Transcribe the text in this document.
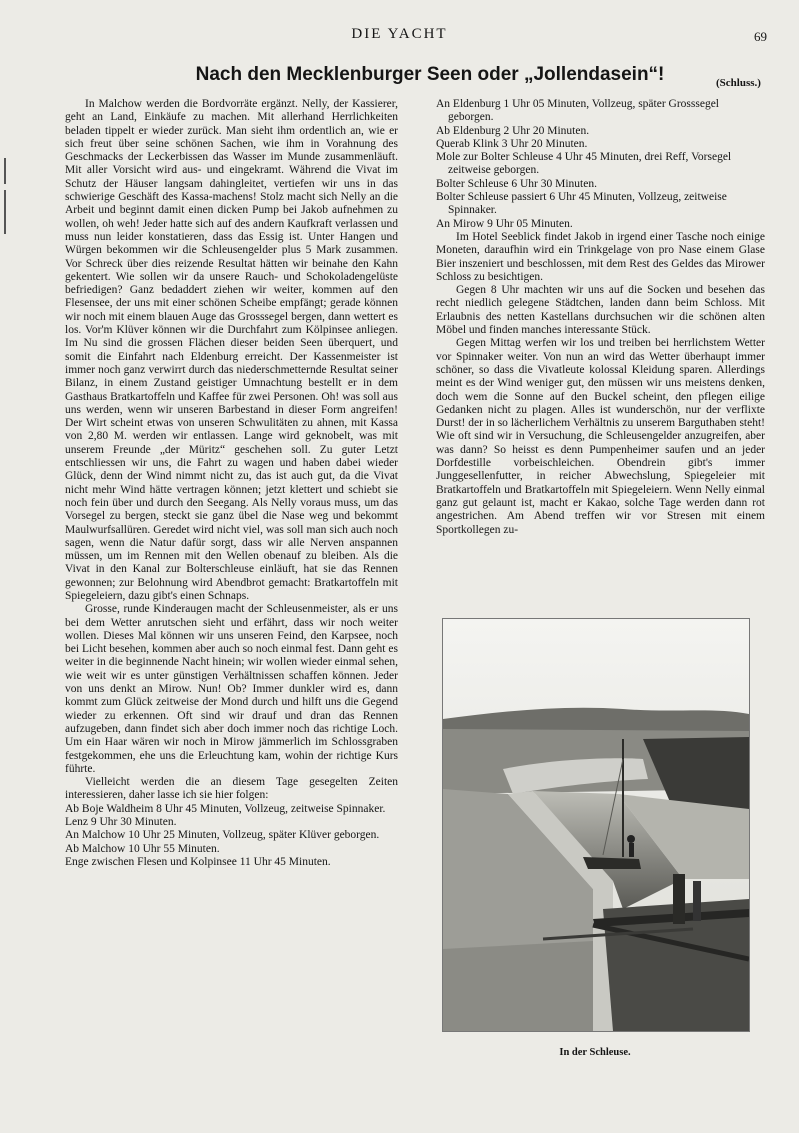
DIE YACHT	69
Nach den Mecklenburger Seen oder „Jollendasein“!	(Schluss.)

In Malchow werden die Bordvorräte ergänzt. Nelly, der Kassierer, geht an Land, Einkäufe zu machen. Mit allerhand Herrlichkeiten beladen tippelt er wieder zurück. Man sieht ihm ordentlich an, wie er sich freut über seine schönen Sachen, wie ihm in Vorahnung des Geschmacks der Leckerbissen das Wasser im Munde zusammenläuft. Mit aller Vorsicht wird aus- und eingekramt. Während die Vivat im Schutz der Häuser langsam dahingleitet, vertiefen wir uns in das schwierige Geschäft des Kassa-machens! Stolz macht sich Nelly an die Arbeit und beginnt damit einen dicken Pump bei Jakob aufnehmen zu wollen, oh weh! Jeder hatte sich auf des andern Kaufkraft verlassen und muss nun leider konstatieren, dass das Essig ist. Unter Hangen und Würgen bekommen wir die Schleusengelder plus 5 Mark zusammen. Vor Schreck über dies reizende Resultat hätten wir beinahe den Kahn gekentert. Wie sollen wir da unsere Rauch- und Schokoladengelüste befriedigen? Ganz bedaddert ziehen wir weiter, kommen auf den Flesensee, der uns mit einer schönen Scheibe empfängt; gerade können wir noch mit einem blauen Auge das Grosssegel bergen, dann wettert es los. Vor'm Klüver können wir die Durchfahrt zum Kölpinsee anliegen. Im Nu sind die grossen Flächen dieser beiden Seen überquert, und somit die Einfahrt nach Eldenburg erreicht. Der Kassenmeister ist immer noch ganz verwirrt durch das niederschmetternde Resultat seiner Bilanz, in einem Zustand geistiger Umnachtung bestellt er in dem Gasthaus Bratkartoffeln und Kaffee für zwei Personen. Oh! was soll aus uns werden, wenn wir unseren Barbestand in dieser Form angreifen! Der Wirt scheint etwas von unseren Schwulitäten zu ahnen, mit Kassa von 2,80 M. werden wir entlassen. Lange wird geknobelt, was mit unserem Freunde „der Müritz“ geschehen soll. Zu guter Letzt entschliessen wir uns, die Fahrt zu wagen und haben dabei wieder Glück, denn der Wind nimmt nicht zu, das ist auch gut, da die Vivat nicht mehr Wind hätte vertragen können; jetzt klettert und schiebt sie noch fein über und durch den Seegang. Als Nelly voraus muss, um das Vorsegel zu bergen, steckt sie ganz übel die Nase weg und bekommt Maulwurfsallüren. Geredet wird nicht viel, was soll man sich auch noch sagen, wenn die Natur dafür sorgt, dass wir alle Nerven anspannen müssen, um im Rennen mit den Wellen obenauf zu bleiben. Als die Vivat in den Kanal zur Bolterschleuse einläuft, hat sie das Rennen gewonnen; zur Belohnung wird Abendbrot gemacht: Bratkartoffeln mit Spiegeleiern, dazu gibt's einen Schnaps.

Grosse, runde Kinderaugen macht der Schleusenmeister, als er uns bei dem Wetter anrutschen sieht und erfährt, dass wir noch weiter wollen. Dieses Mal können wir uns unseren Feind, den Karpsee, noch bei Licht besehen, kommen aber auch so noch einmal fest. Dann geht es weiter in die beginnende Nacht hinein; wir wollen wieder einmal sehen, wie weit wir es unter günstigen Verhältnissen schaffen können. Jeder von uns denkt an Mirow. Nun! Ob? Immer dunkler wird es, dann kommt zum Glück zeitweise der Mond durch und hilft uns die Gegend wieder zu erkennen. Oft sind wir drauf und dran das Rennen aufzugeben, dann findet sich aber doch immer noch das richtige Loch. Um ein Haar wären wir noch in Mirow jämmerlich im Schlossgraben festgekommen, ehe uns die Erleuchtung kam, wohin der richtige Kurs führte.

Vielleicht werden die an diesem Tage gesegelten Zeiten interessieren, daher lasse ich sie hier folgen:

Ab Boje Waldheim 8 Uhr 45 Minuten, Vollzeug, zeitweise Spinnaker.
Lenz 9 Uhr 30 Minuten.
An Malchow 10 Uhr 25 Minuten, Vollzeug, später Klüver geborgen.
Ab Malchow 10 Uhr 55 Minuten.
Enge zwischen Flesen und Kolpinsee 11 Uhr 45 Minuten.
An Eldenburg 1 Uhr 05 Minuten, Vollzeug, später Grosssegel geborgen.
Ab Eldenburg 2 Uhr 20 Minuten.
Querab Klink 3 Uhr 20 Minuten.
Mole zur Bolter Schleuse 4 Uhr 45 Minuten, drei Reff, Vorsegel zeitweise geborgen.
Bolter Schleuse 6 Uhr 30 Minuten.
Bolter Schleuse passiert 6 Uhr 45 Minuten, Vollzeug, zeitweise Spinnaker.
An Mirow 9 Uhr 05 Minuten.

Im Hotel Seeblick findet Jakob in irgend einer Tasche noch einige Moneten, daraufhin wird ein Trinkgelage von pro Nase einem Glase Bier inszeniert und beschlossen, mit dem Rest des Geldes das Mirower Schloss zu besichtigen.

Gegen 8 Uhr machten wir uns auf die Socken und besehen das recht niedlich gelegene Städtchen, landen dann beim Schloss. Mit Erlaubnis des netten Kastellans durchsuchen wir die schönen alten Möbel und finden manches interessante Stück.

Gegen Mittag werfen wir los und treiben bei herrlichstem Wetter vor Spinnaker weiter. Von nun an wird das Wetter überhaupt immer schöner, so dass die Vivatleute kolossal Kleidung sparen. Allerdings meint es der Wind weniger gut, den müssen wir uns meistens denken, doch wem die Sonne auf den Buckel scheint, den pflegen eilige Gedanken nicht zu plagen. Alles ist wunderschön, nur der verflixte Durst! der in so lächerlichem Verhältnis zu unserem Barguthaben steht! Wie oft sind wir in Versuchung, die Schleusengelder anzugreifen, aber was dann? So heisst es denn Pumpenheimer saufen und an jeder Dorfdestille vorbeischleichen. Obendrein gibt's immer Junggesellenfutter, in reicher Abwechslung, Spiegeleier mit Bratkartoffeln und Bratkartoffeln mit Spiegeleiern. Wenn Nelly einmal ganz gut gelaunt ist, macht er Kakao, solche Tage werden dann rot angestrichen. Am Abend treffen wir vor Stresen mit einem Sportkollegen zu-

In der Schleuse.
